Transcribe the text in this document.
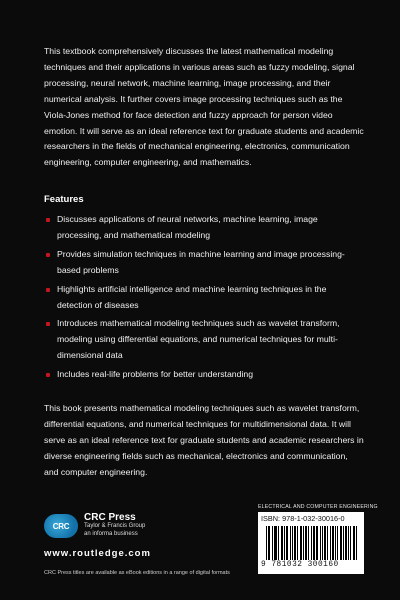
This textbook comprehensively discusses the latest mathematical modeling techniques and their applications in various areas such as fuzzy modeling, signal processing, neural network, machine learning, image processing, and their numerical analysis. It further covers image processing techniques such as the Viola-Jones method for face detection and fuzzy approach for person video emotion. It will serve as an ideal reference text for graduate students and academic researchers in the fields of mechanical engineering, electronics, communication engineering, computer engineering, and mathematics.
Features
Discusses applications of neural networks, machine learning, image processing, and mathematical modeling
Provides simulation techniques in machine learning and image processing-based problems
Highlights artificial intelligence and machine learning techniques in the detection of diseases
Introduces mathematical modeling techniques such as wavelet transform, modeling using differential equations, and numerical techniques for multi-dimensional data
Includes real-life problems for better understanding
This book presents mathematical modeling techniques such as wavelet transform, differential equations, and numerical techniques for multidimensional data. It will serve as an ideal reference text for graduate students and academic researchers in diverse engineering fields such as mechanical, electronics and communication, and computer engineering.
CRC
CRC Press
Taylor & Francis Group
an informa business
www.routledge.com
CRC Press titles are available as eBook editions in a range of digital formats
ELECTRICAL AND COMPUTER ENGINEERING
ISBN: 978-1-032-30016-0
9 781032 300160
